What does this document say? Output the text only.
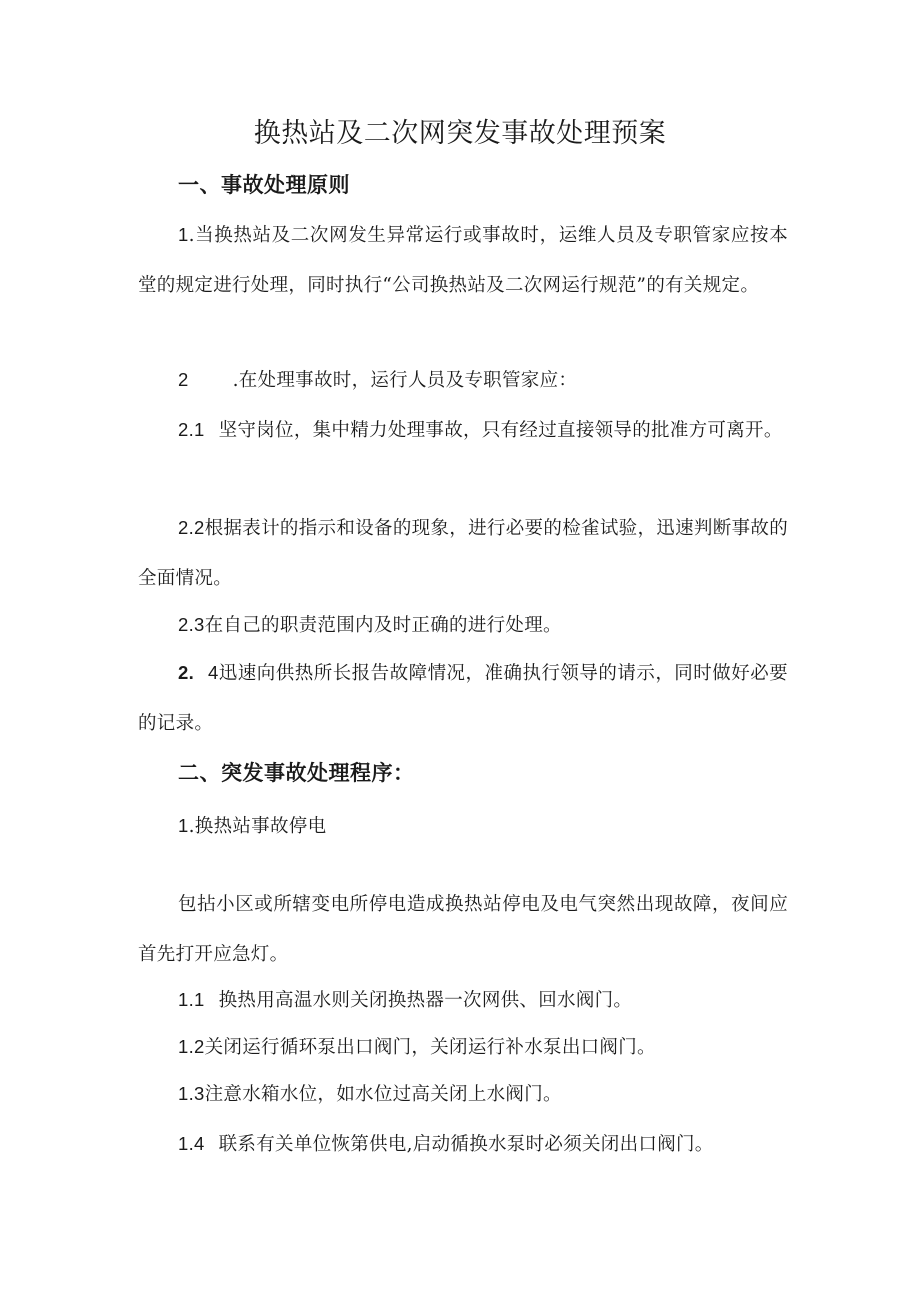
换热站及二次网突发事故处理预案
一、事故处理原则
1.当换热站及二次网发生异常运行或事故时，运维人员及专职管家应按本堂的规定进行处理，同时执行“公司换热站及二次网运行规范”的有关规定。
2 .在处理事故时，运行人员及专职管家应：
2.1 坚守岗位，集中精力处理事故，只有经过直接领导的批准方可离开。
2.2根据表计的指示和设备的现象，进行必要的检雀试验，迅速判断事故的全面情况。
2.3在自己的职责范围内及时正确的进行处理。
2. 4迅速向供热所长报告故障情况，准确执行领导的请示，同时做好必要的记录。
二、突发事故处理程序：
1.换热站事故停电
包拈小区或所辖变电所停电造成换热站停电及电气突然出现故障，夜间应首先打开应急灯。
1.1 换热用高温水则关闭换热器一次网供、回水阀门。
1.2关闭运行循环泵出口阀门，关闭运行补水泵出口阀门。
1.3注意水箱水位，如水位过高关闭上水阀门。
1.4 联系有关单位恢第供电,启动循换水泵时必须关闭出口阀门。
